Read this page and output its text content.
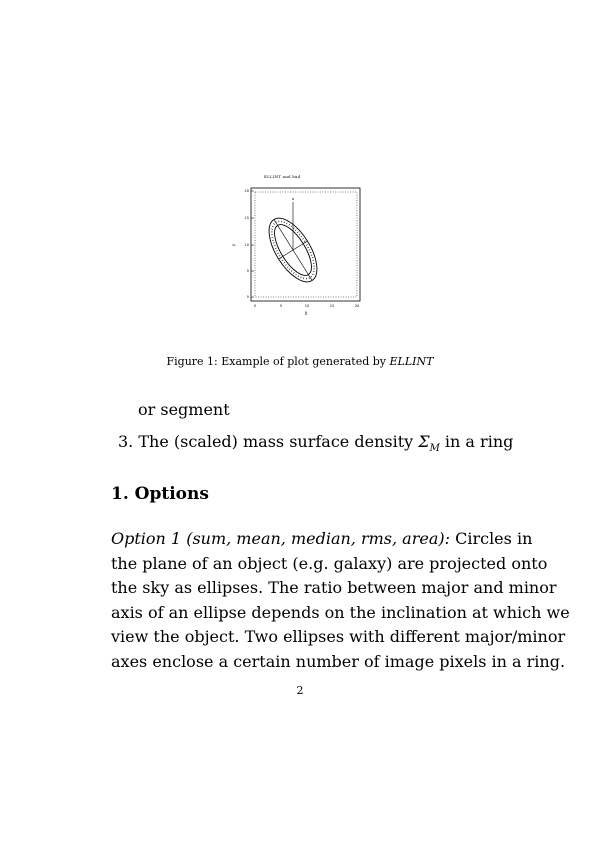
ELLINT and bad
20
15
10
5
0
0	5	10	15	20
Y
X
N
Figure 1: Example of plot generated by ELLINT
or segment
3. The (scaled) mass surface density $\Sigma_M$ in a ring
1. Options
Option 1 (sum, mean, median, rms, area): Circles in
the plane of an object (e.g. galaxy) are projected onto
the sky as ellipses. The ratio between major and minor
axis of an ellipse depends on the inclination at which we
view the object. Two ellipses with different major/minor
axes enclose a certain number of image pixels in a ring.
2
